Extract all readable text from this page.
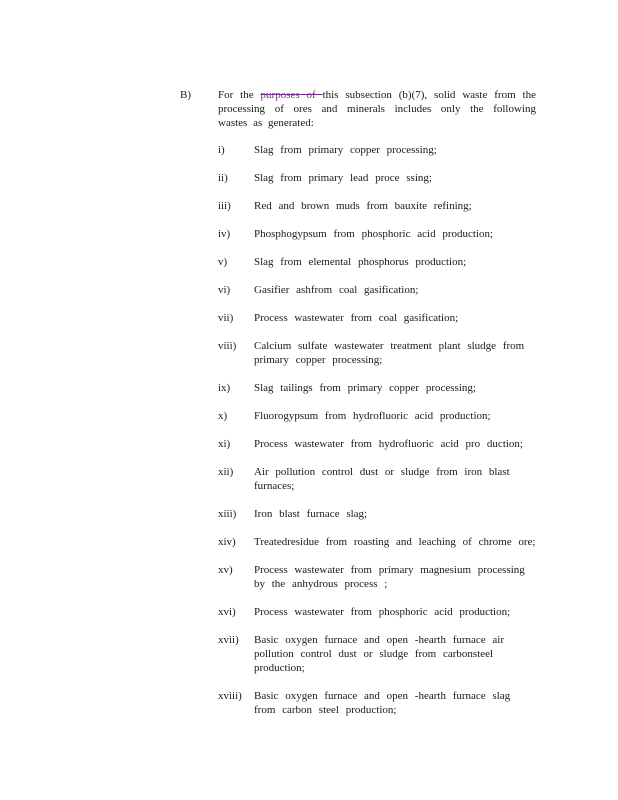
B) For the purposes of this subsection (b)(7), solid waste from the processing of ores and minerals includes only the following wastes as generated:
i)	Slag from primary copper processing;
ii)	Slag from primary lead proce ssing;
iii)	Red and brown muds from bauxite refining;
iv)	Phosphogypsum from phosphoric acid production;
v)	Slag from elemental phosphorus production;
vi)	Gasifier ashfrom coal gasification;
vii)	Process wastewater from coal gasification;
viii)	Calcium sulfate wastewater treatment plant sludge from primary copper processing;
ix)	Slag tailings from primary copper processing;
x)	Fluorogypsum from hydrofluoric acid production;
xi)	Process wastewater from hydrofluoric acid pro duction;
xii)	Air pollution control dust or sludge from iron blast furnaces;
xiii)	Iron blast furnace slag;
xiv)	Treatedresidue from roasting and leaching of chrome ore;
xv)	Process wastewater from primary magnesium processing by the anhydrous process ;
xvi)	Process wastewater from phosphoric acid production;
xvii)	Basic oxygen furnace and open -hearth furnace air pollution control dust or sludge from carbonsteel production;
xviii)	Basic oxygen furnace and open -hearth furnace slag from carbon steel production;
